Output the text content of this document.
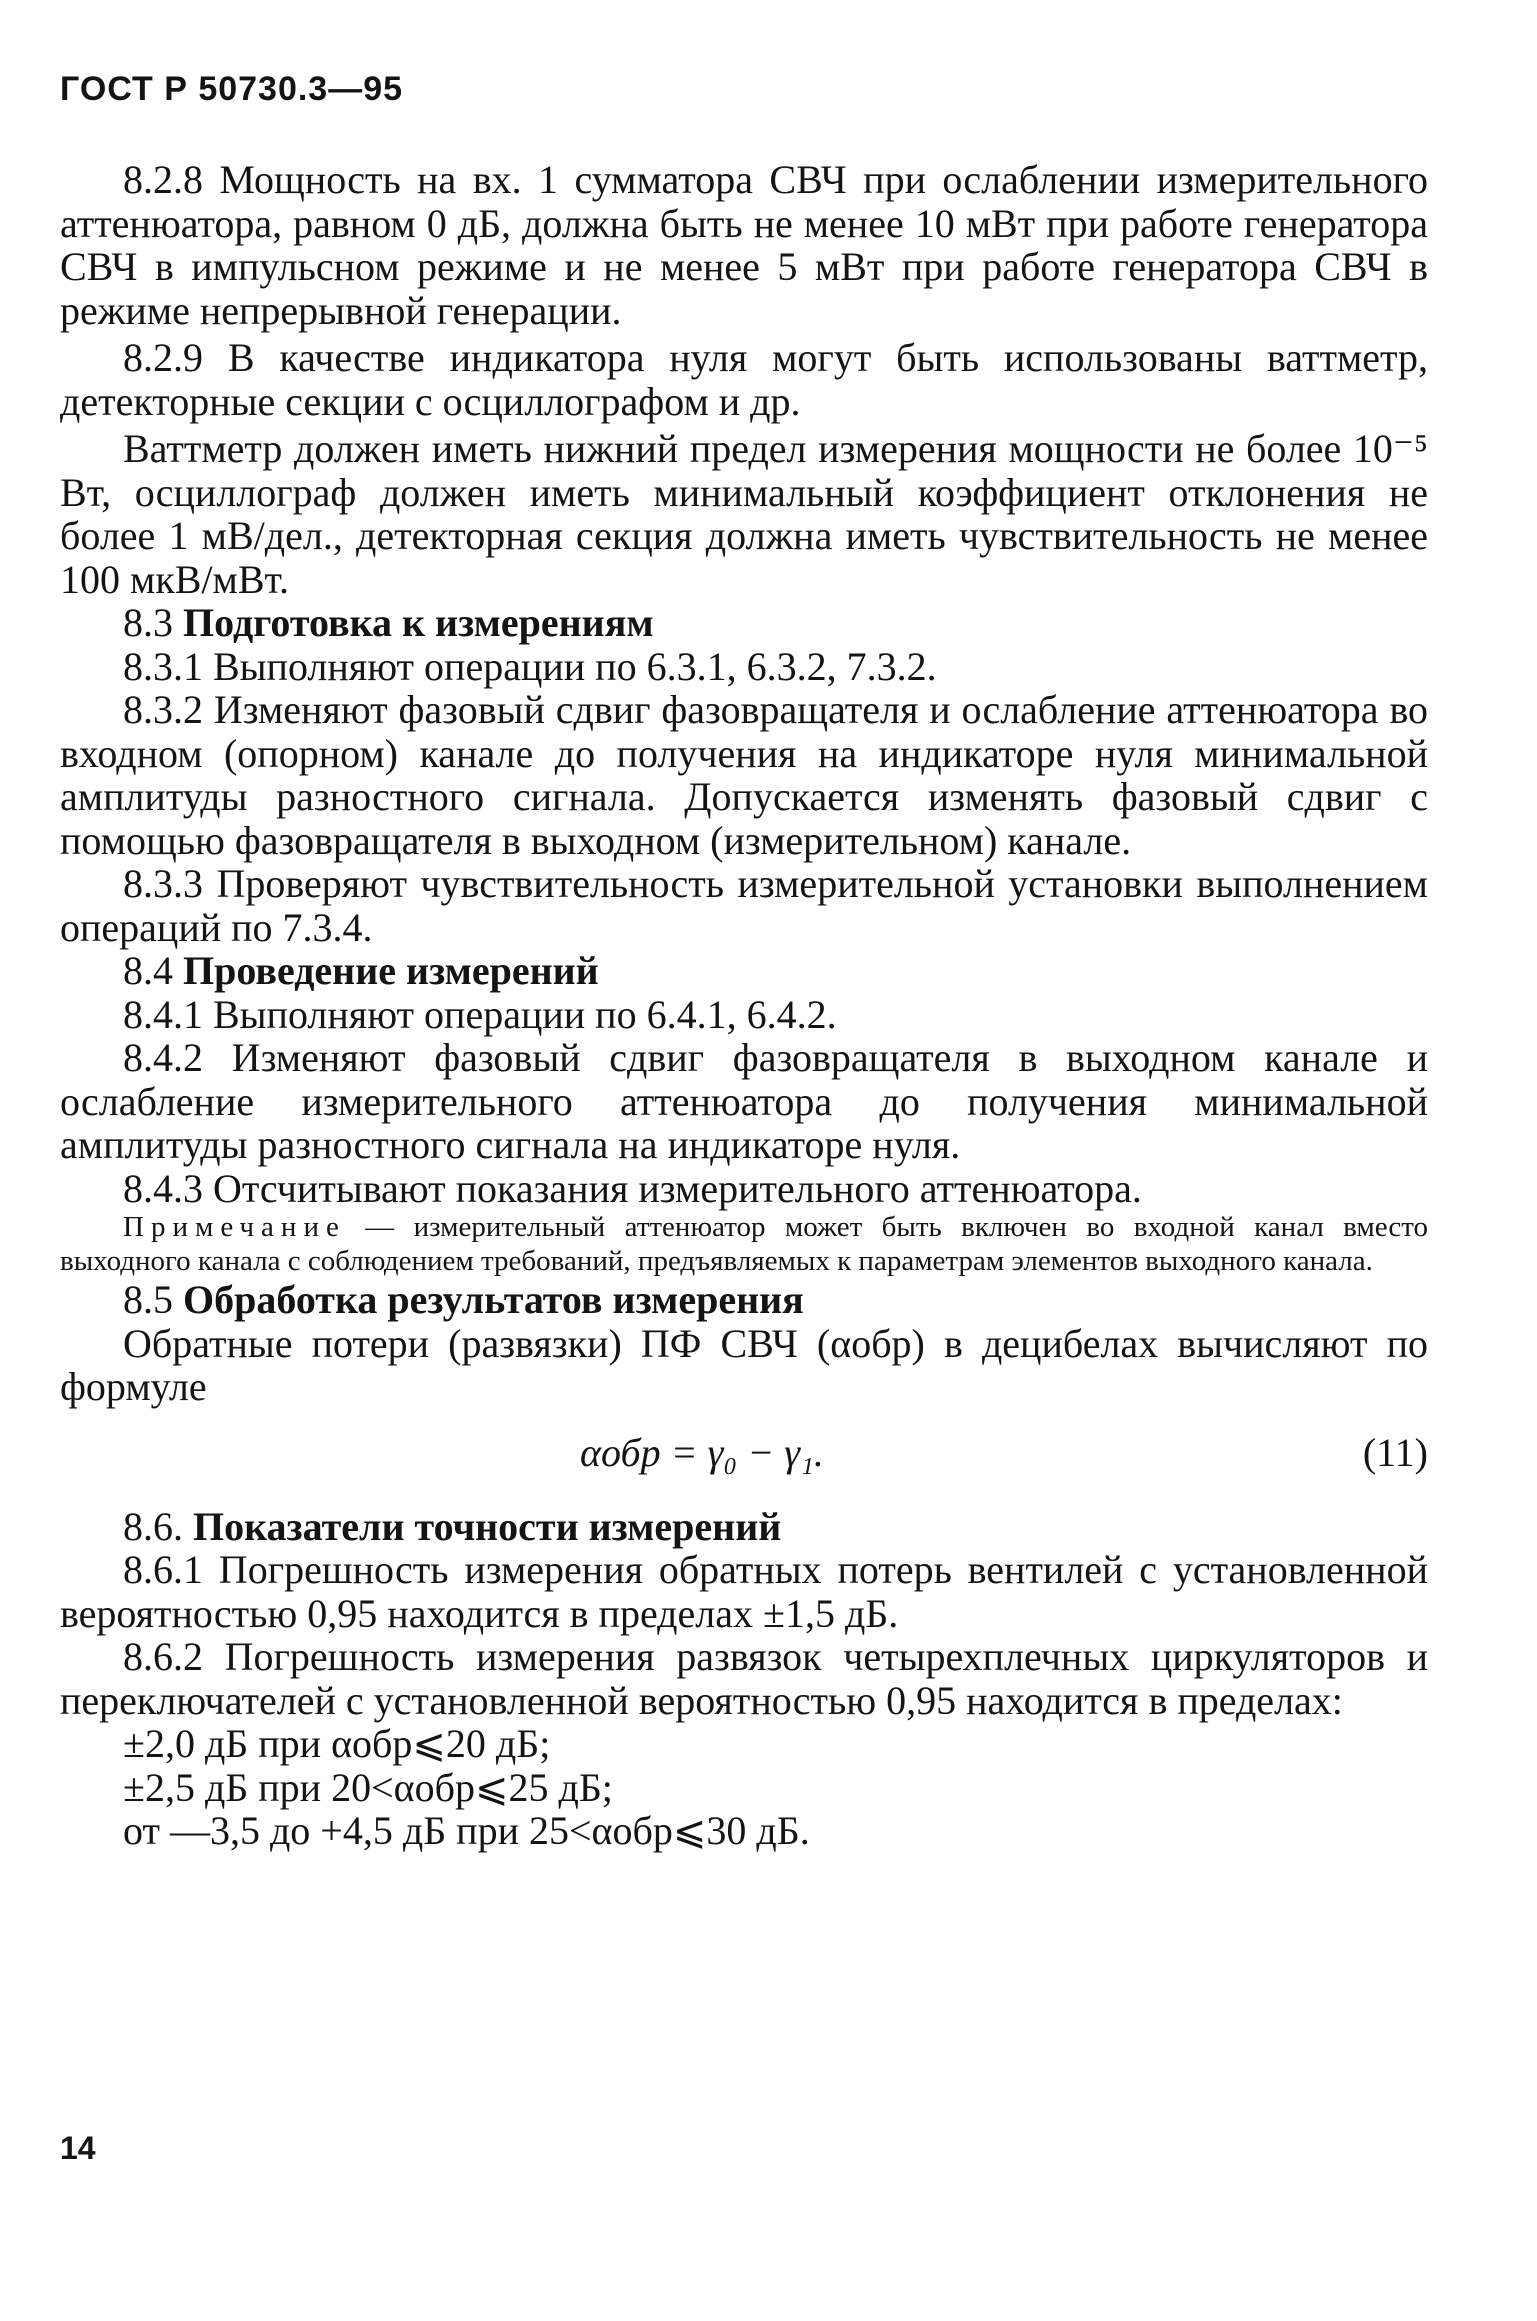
ГОСТ Р 50730.3—95

8.2.8 Мощность на вх. 1 сумматора СВЧ при ослаблении измерительного аттенюатора, равном 0 дБ, должна быть не менее 10 мВт при работе генератора СВЧ в импульсном режиме и не менее 5 мВт при работе генератора СВЧ в режиме непрерывной генерации.

8.2.9 В качестве индикатора нуля могут быть использованы ваттметр, детекторные секции с осциллографом и др.

Ваттметр должен иметь нижний предел измерения мощности не более 10⁻⁵ Вт, осциллограф должен иметь минимальный коэффициент отклонения не более 1 мВ/дел., детекторная секция должна иметь чувствительность не менее 100 мкВ/мВт.

8.3 Подготовка к измерениям

8.3.1 Выполняют операции по 6.3.1, 6.3.2, 7.3.2.

8.3.2 Изменяют фазовый сдвиг фазовращателя и ослабление аттенюатора во входном (опорном) канале до получения на индикаторе нуля минимальной амплитуды разностного сигнала. Допускается изменять фазовый сдвиг с помощью фазовращателя в выходном (измерительном) канале.

8.3.3 Проверяют чувствительность измерительной установки выполнением операций по 7.3.4.

8.4 Проведение измерений

8.4.1 Выполняют операции по 6.4.1, 6.4.2.

8.4.2 Изменяют фазовый сдвиг фазовращателя в выходном канале и ослабление измерительного аттенюатора до получения минимальной амплитуды разностного сигнала на индикаторе нуля.

8.4.3 Отсчитывают показания измерительного аттенюатора.

Примечание — измерительный аттенюатор может быть включен во входной канал вместо выходного канала с соблюдением требований, предъявляемых к параметрам элементов выходного канала.

8.5 Обработка результатов измерения

Обратные потери (развязки) ПФ СВЧ (αобр) в децибелах вычисляют по формуле

αобр = γ₀ − γ₁.	(11)

8.6. Показатели точности измерений

8.6.1 Погрешность измерения обратных потерь вентилей с установленной вероятностью 0,95 находится в пределах ±1,5 дБ.

8.6.2 Погрешность измерения развязок четырехплечных циркуляторов и переключателей с установленной вероятностью 0,95 находится в пределах:

±2,0 дБ при αобр⩽20 дБ;

±2,5 дБ при 20<αобр⩽25 дБ;

от —3,5 до +4,5 дБ при 25<αобр⩽30 дБ.

14
